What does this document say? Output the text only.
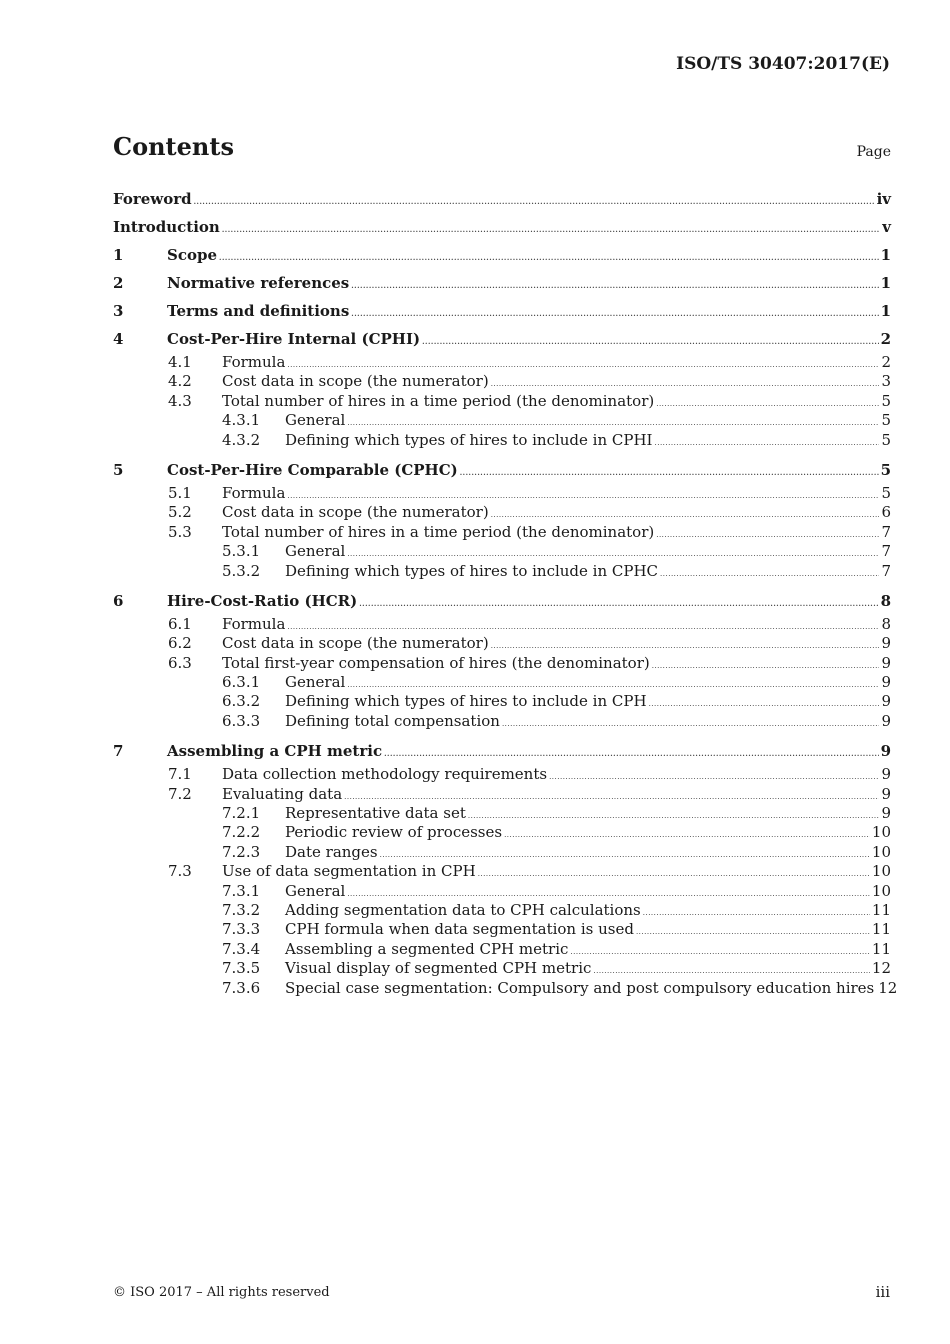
ISO/TS 30407:2017(E)
Contents	Page
Foreword .....	iv
Introduction .....	v
1	Scope .....	1
2	Normative references .....	1
3	Terms and definitions .....	1
4	Cost-Per-Hire Internal (CPHI) .....	2
4.1	Formula .....	2
4.2	Cost data in scope (the numerator) .....	3
4.3	Total number of hires in a time period (the denominator) .....	5
4.3.1	General .....	5
4.3.2	Defining which types of hires to include in CPHI .....	5
5	Cost-Per-Hire Comparable (CPHC) .....	5
5.1	Formula .....	5
5.2	Cost data in scope (the numerator) .....	6
5.3	Total number of hires in a time period (the denominator) .....	7
5.3.1	General .....	7
5.3.2	Defining which types of hires to include in CPHC .....	7
6	Hire-Cost-Ratio (HCR) .....	8
6.1	Formula .....	8
6.2	Cost data in scope (the numerator) .....	9
6.3	Total first-year compensation of hires (the denominator) .....	9
6.3.1	General .....	9
6.3.2	Defining which types of hires to include in CPH .....	9
6.3.3	Defining total compensation .....	9
7	Assembling a CPH metric .....	9
7.1	Data collection methodology requirements .....	9
7.2	Evaluating data .....	9
7.2.1	Representative data set .....	9
7.2.2	Periodic review of processes .....	10
7.2.3	Date ranges .....	10
7.3	Use of data segmentation in CPH .....	10
7.3.1	General .....	10
7.3.2	Adding segmentation data to CPH calculations .....	11
7.3.3	CPH formula when data segmentation is used .....	11
7.3.4	Assembling a segmented CPH metric .....	11
7.3.5	Visual display of segmented CPH metric .....	12
7.3.6	Special case segmentation: Compulsory and post compulsory education hires 12
© ISO 2017 – All rights reserved	iii
